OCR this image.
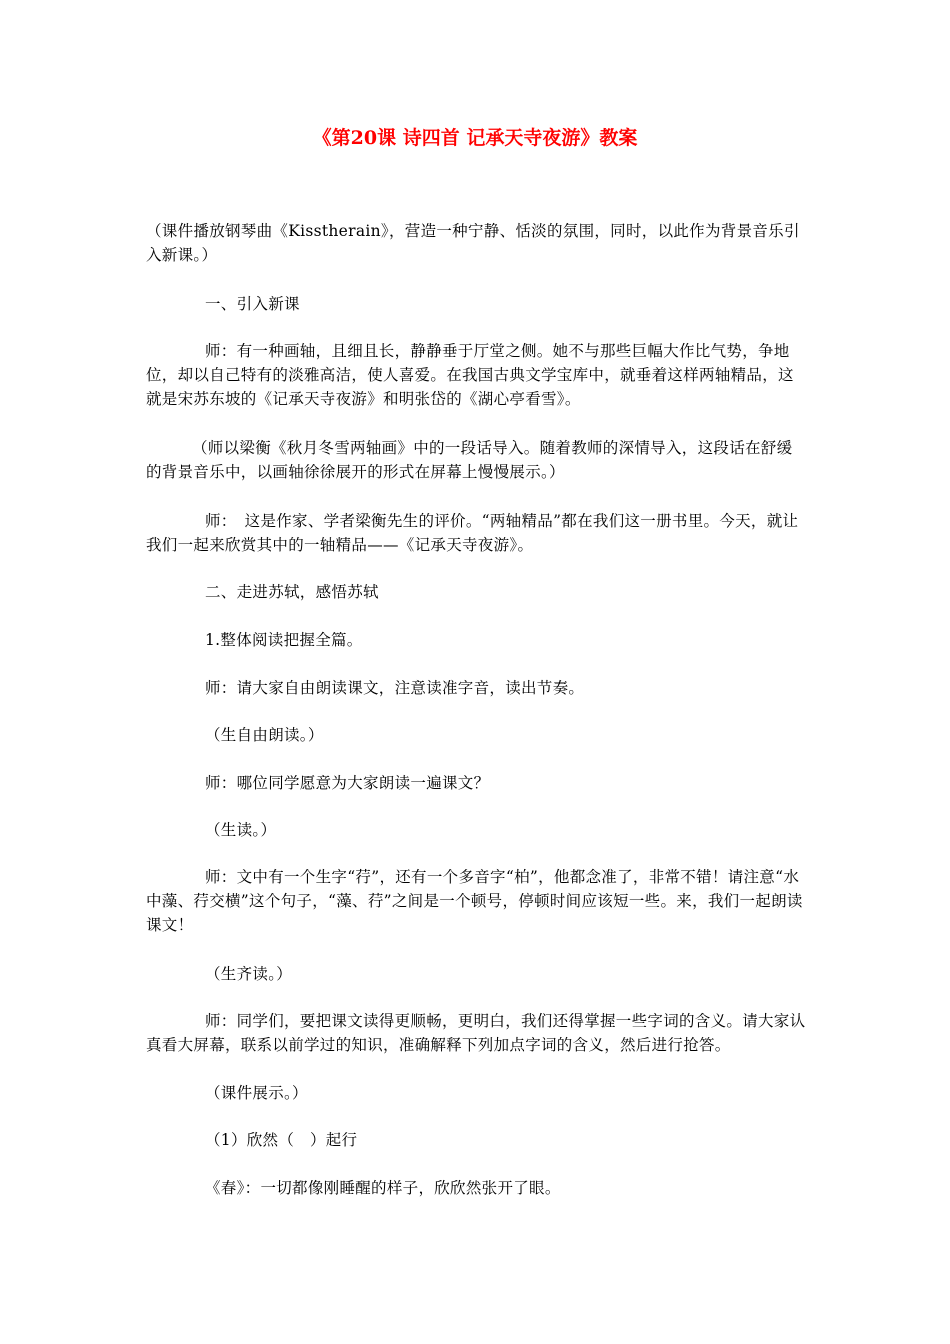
《第20课 诗四首 记承天寺夜游》教案

（课件播放钢琴曲《Kisstherain》，营造一种宁静、恬淡的氛围，同时，以此作为背景音乐引入新课。）

一、引入新课

师：有一种画轴，且细且长，静静垂于厅堂之侧。她不与那些巨幅大作比气势，争地位，却以自己特有的淡雅高洁，使人喜爱。在我国古典文学宝库中，就垂着这样两轴精品，这就是宋苏东坡的《记承天寺夜游》和明张岱的《湖心亭看雪》。

（师以梁衡《秋月冬雪两轴画》中的一段话导入。随着教师的深情导入，这段话在舒缓的背景音乐中，以画轴徐徐展开的形式在屏幕上慢慢展示。）

师：　这是作家、学者梁衡先生的评价。“两轴精品”都在我们这一册书里。今天，就让我们一起来欣赏其中的一轴精品——《记承天寺夜游》。

二、走进苏轼，感悟苏轼

1.整体阅读把握全篇。

师：请大家自由朗读课文，注意读准字音，读出节奏。

（生自由朗读。）

师：哪位同学愿意为大家朗读一遍课文？

（生读。）

师：文中有一个生字“荇”，还有一个多音字“柏”，他都念准了，非常不错！请注意“水中藻、荇交横”这个句子，“藻、荇”之间是一个顿号，停顿时间应该短一些。来，我们一起朗读课文！

（生齐读。）

师：同学们，要把课文读得更顺畅，更明白，我们还得掌握一些字词的含义。请大家认真看大屏幕，联系以前学过的知识，准确解释下列加点字词的含义，然后进行抢答。

（课件展示。）

（1）欣然（　）起行

《春》：一切都像刚睡醒的样子，欣欣然张开了眼。
